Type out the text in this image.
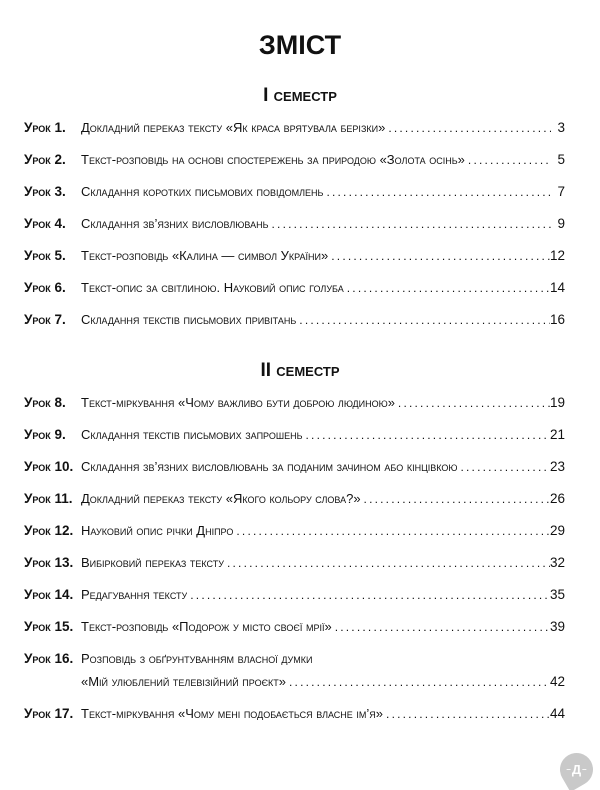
ЗМІСТ
І семестр
Урок 1.	Докладний переказ тексту «Як краса врятувала берізки» .....	3
Урок 2.	Текст-розповідь на основі спостережень за природою «Золота осінь» .....	5
Урок 3.	Складання коротких письмових повідомлень .....	7
Урок 4.	Складання зв’язних висловлювань .....	9
Урок 5.	Текст-розповідь «Калина — символ України» .....	12
Урок 6.	Текст-опис за світлиною. Науковий опис голуба .....	14
Урок 7.	Складання текстів письмових привітань .....	16
ІІ семестр
Урок 8.	Текст-міркування «Чому важливо бути доброю людиною» .....	19
Урок 9.	Складання текстів письмових запрошень .....	21
Урок 10. Складання зв’язних висловлювань за поданим зачином або кінцівкою .....	23
Урок 11. Докладний переказ тексту «Якого кольору слова?» .....	26
Урок 12. Науковий опис річки Дніпро .....	29
Урок 13. Вибірковий переказ тексту .....	32
Урок 14. Редагування тексту .....	35
Урок 15. Текст-розповідь «Подорож у місто своєї мрії» .....	39
Урок 16. Розповідь з обґрунтуванням власної думки
«Мій улюблений телевізійний проєкт» .....	42
Урок 17. Текст-міркування «Чому мені подобається власне ім’я» .....	44
– Д –
